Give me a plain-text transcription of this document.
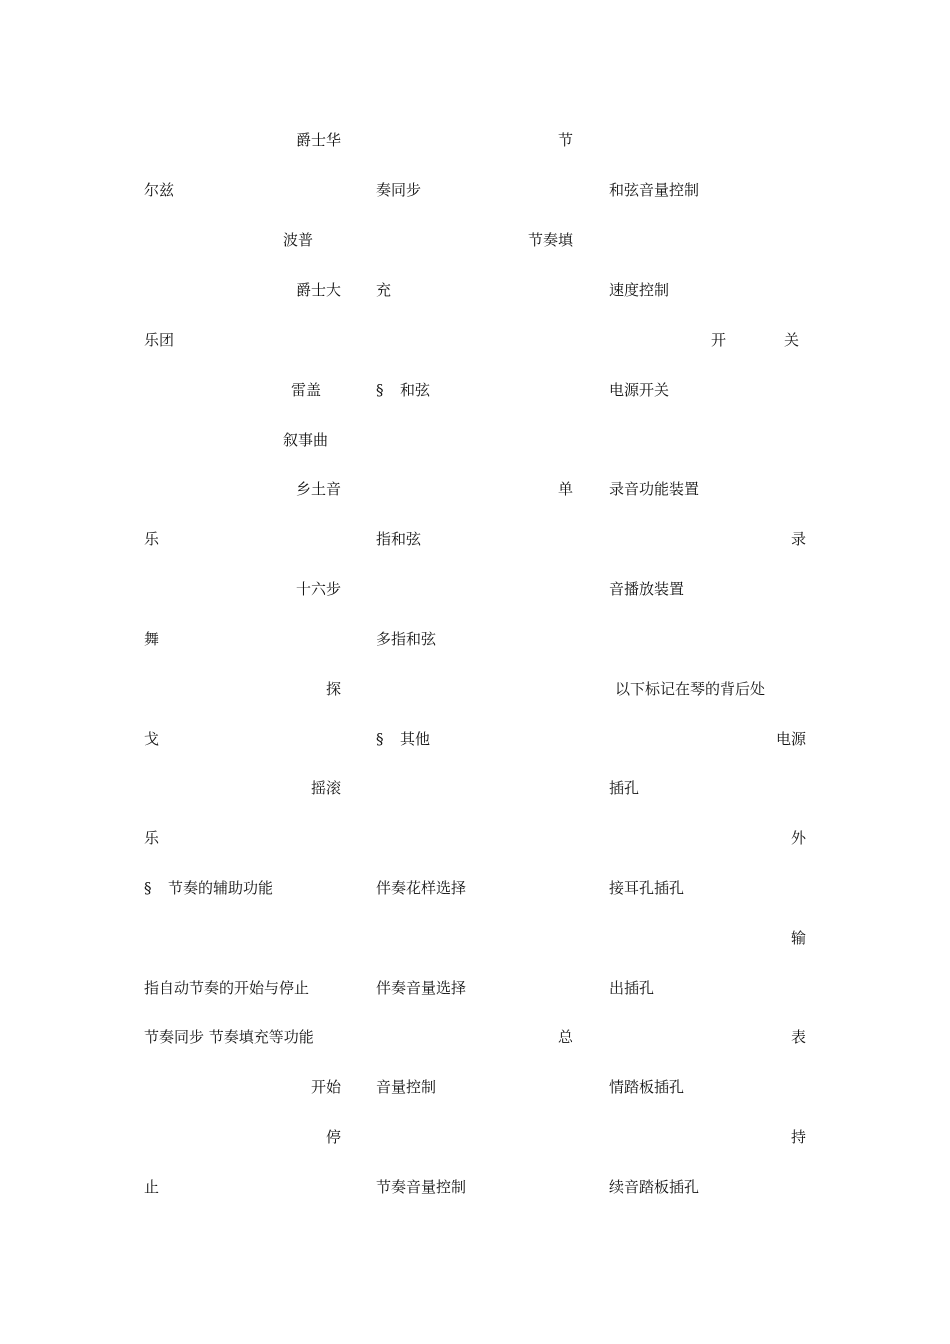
爵士华
尔兹
波普
爵士大
乐团
雷盖
叙事曲
乡土音
乐
十六步
舞
探
戈
摇滚
乐
§ 节奏的辅助功能
指自动节奏的开始与停止
节奏同步 节奏填充等功能
开始
停
止
节
奏同步
节奏填
充
§ 和弦
单
指和弦
多指和弦
§ 其他
伴奏花样选择
伴奏音量选择
总
音量控制
节奏音量控制
和弦音量控制
速度控制
开	关
电源开关
录音功能装置
录
音播放装置
以下标记在琴的背后处
电源
插孔
外
接耳孔插孔
输
出插孔
表
情踏板插孔
持
续音踏板插孔
